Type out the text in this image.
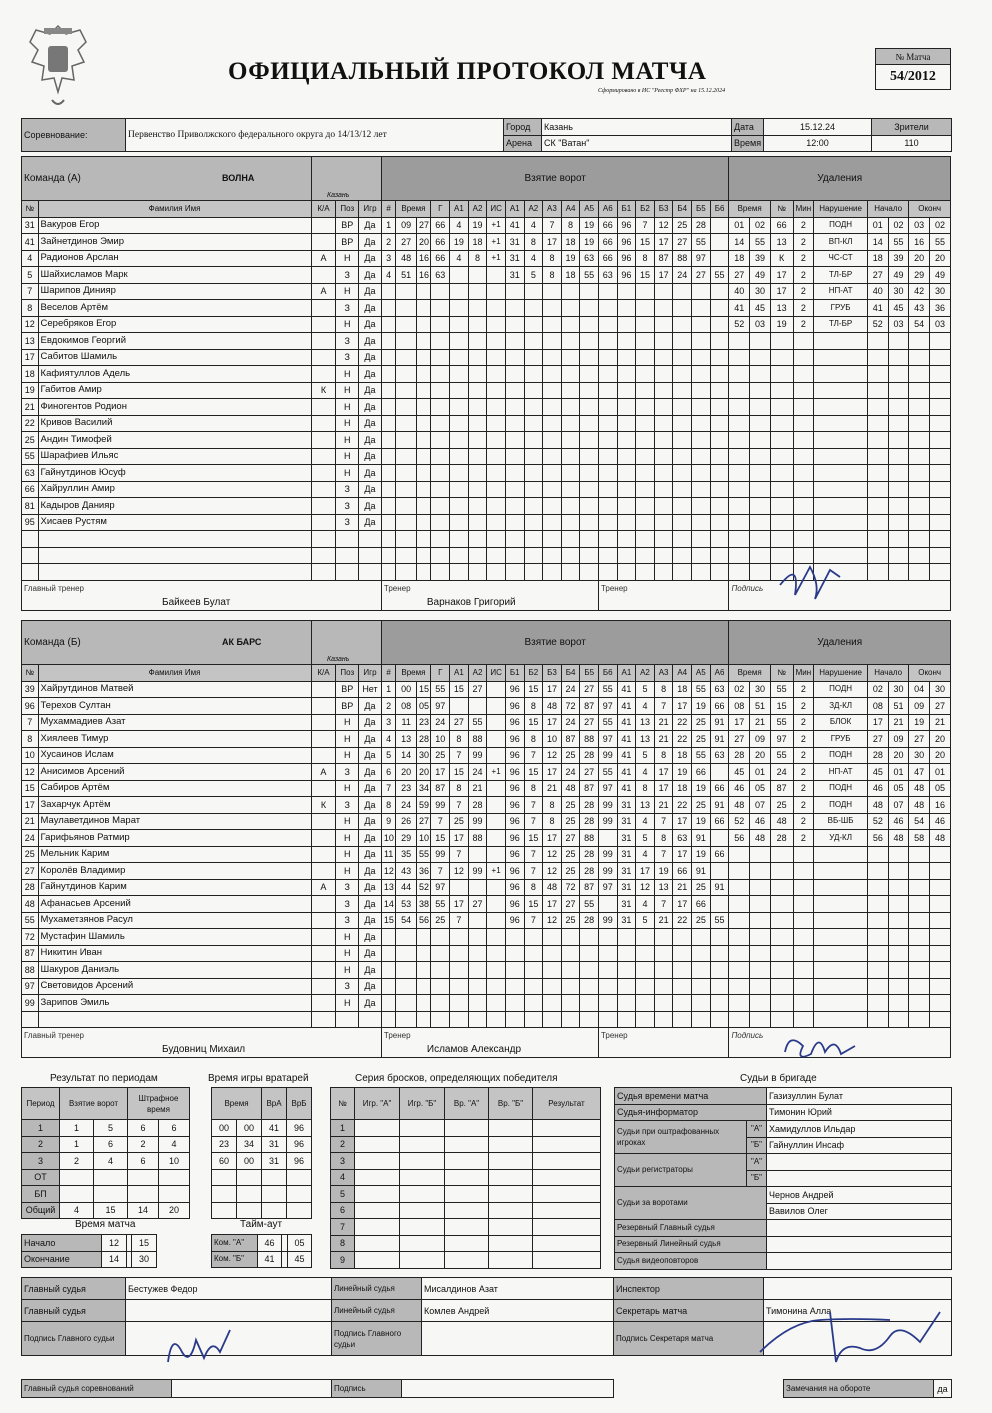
ОФИЦИАЛЬНЫЙ ПРОТОКОЛ МАТЧА
Сформировано в ИС "Реестр ФХР" на 15.12.2024
№ Матча
54/2012
Соревнование:	Первенство Приволжского федерального округа до 14/13/12 лет	Город	Казань	Дата	15.12.24	Зрители
		Арена	СК "Ватан"	Время	12:00	110
Команда (А) ВОЛНА
Казань					Взятие ворот																			Удаления								
№	Фамилия Имя	К/А	Поз	Игр	#	Время		Г	А1	А2	ИС	А1	А2	А3	А4	А5	А6	Б1	Б2	Б3	Б4	Б5	Б6	Время		№	Мин	Нарушение	Начало		Оконч	
31	Вакуров Егор		ВР	Да	1	09	27	66	4	19	+1	41	4	7	8	19	66	96	7	12	25	28		01	02	66	2	ПОДН	01	02	03	02
41	Зайнетдинов Эмир		ВР	Да	2	27	20	66	19	18	+1	31	8	17	18	19	66	96	15	17	27	55		14	55	13	2	ВП-КЛ	14	55	16	55
4	Радионов Арслан	А	Н	Да	3	48	16	66	4	8	+1	31	4	8	19	63	66	96	8	87	88	97		18	39	К	2	ЧС-СТ	18	39	20	20
5	Шайхисламов Марк		З	Да	4	51	16	63				31	5	8	18	55	63	96	15	17	24	27	55	27	49	17	2	ТЛ-БР	27	49	29	49
7	Шарипов Динияр	А	Н	Да																				40	30	17	2	НП-АТ	40	30	42	30
8	Веселов Артём		З	Да																				41	45	13	2	ГРУБ	41	45	43	36
12	Серебряков Егор		Н	Да																				52	03	19	2	ТЛ-БР	52	03	54	03
13	Евдокимов Георгий		З	Да																												
17	Сабитов Шамиль		З	Да																												
18	Кафиятуллов Адель		Н	Да																												
19	Габитов Амир	К	Н	Да																												
21	Финогентов Родион		Н	Да																												
22	Кривов Василий		Н	Да																												
25	Андин Тимофей		Н	Да																												
55	Шарафиев Ильяс		Н	Да																												
63	Гайнутдинов Юсуф		Н	Да																												
66	Хайруллин Амир		З	Да																												
81	Кадыров Данияр		З	Да																												
95	Хисаев Рустям		З	Да																												

Главный тренер
Байкеев Булат					Тренер
Варнаков Григорий												Тренер							Подпись								
Команда (Б) АК БАРС
Казань					Взятие ворот																			Удаления								
№	Фамилия Имя	К/А	Поз	Игр	#	Время		Г	А1	А2	ИС	Б1	Б2	Б3	Б4	Б5	Б6	А1	А2	А3	А4	А5	А6	Время		№	Мин	Нарушение	Начало		Оконч	
39	Хайрутдинов Матвей		ВР	Нет	1	00	15	55	15	27		96	15	17	24	27	55	41	5	8	18	55	63	02	30	55	2	ПОДН	02	30	04	30
96	Терехов Султан		ВР	Да	2	08	05	97				96	8	48	72	87	97	41	4	7	17	19	66	08	51	15	2	ЗД-КЛ	08	51	09	27
7	Мухаммадиев Азат		Н	Да	3	11	23	24	27	55		96	15	17	24	27	55	41	13	21	22	25	91	17	21	55	2	БЛОК	17	21	19	21
8	Хиялеев Тимур		Н	Да	4	13	28	10	8	88		96	8	10	87	88	97	41	13	21	22	25	91	27	09	97	2	ГРУБ	27	09	27	20
10	Хусаинов Ислам		Н	Да	5	14	30	25	7	99		96	7	12	25	28	99	41	5	8	18	55	63	28	20	55	2	ПОДН	28	20	30	20
12	Анисимов Арсений	А	З	Да	6	20	20	17	15	24	+1	96	15	17	24	27	55	41	4	17	19	66		45	01	24	2	НП-АТ	45	01	47	01
15	Сабиров Артём		Н	Да	7	23	34	87	8	21		96	8	21	48	87	97	41	8	17	18	19	66	46	05	87	2	ПОДН	46	05	48	05
17	Захарчук Артём	К	З	Да	8	24	59	99	7	28		96	7	8	25	28	99	31	13	21	22	25	91	48	07	25	2	ПОДН	48	07	48	16
21	Маулаветдинов Марат		Н	Да	9	26	27	7	25	99		96	7	8	25	28	99	31	4	7	17	19	66	52	46	48	2	ВБ-ШБ	52	46	54	46
24	Гарифьянов Ратмир		Н	Да	10	29	10	15	17	88		96	15	17	27	88		31	5	8	63	91		56	48	28	2	УД-КЛ	56	48	58	48
25	Мельник Карим		Н	Да	11	35	55	99	7			96	7	12	25	28	99	31	4	7	17	19	66									
27	Королёв Владимир		Н	Да	12	43	36	7	12	99	+1	96	7	12	25	28	99	31	17	19	66	91										
28	Гайнутдинов Карим	А	З	Да	13	44	52	97				96	8	48	72	87	97	31	12	13	21	25	91									
48	Афанасьев Арсений		З	Да	14	53	38	55	17	27		96	15	17	27	55		31	4	7	17	66										
55	Мухаметзянов Расул		З	Да	15	54	56	25	7			96	7	12	25	28	99	31	5	21	22	25	55									
72	Мустафин Шамиль		Н	Да																												
87	Никитин Иван		Н	Да																												
88	Шакуров Даниэль		Н	Да																												
97	Световидов Арсений		З	Да																												
99	Зарипов Эмиль		Н	Да																												

Главный тренер
Будовниц Михаил					Тренер
Исламов Александр												Тренер							Подпись								
Результат по периодам
Период	Взятие ворот		Штрафное время	
1	1	5	6	6
2	1	6	2	4
3	2	4	6	10
ОТ				
БП				
Общий	4	15	14	20
Время игры вратарей
Время		ВрА	ВрБ
00	00	41	96
23	34	31	96
60	00	31	96

Серия бросков, определяющих победителя
№	Игр. "А"	Игр. "Б"	Вр. "А"	Вр. "Б"	Результат
1					
2					
3					
4					
5					
6					
7					
8					
9					
Время матча
Начало	12		15	
Окончание	14		30	
Тайм-аут
Ком. "А"	46		05
Ком. "Б"	41		45
Судьи в бригаде
Судья времени матча		Газизуллин Булат
Судья-информатор		Тимонин Юрий
Судьи при оштрафованных игроках	"А"	Хамидуллов Ильдар
	"Б"	Гайнуллин Инсаф
Судьи регистраторы	"А"	
	"Б"	
Судьи за воротами		Чернов Андрей
		Вавилов Олег
Резервный Главный судья		
Резервный Линейный судья		
Судья видеоповторов		
Главный судья	Бестужев Федор	Линейный судья	Мисалдинов Азат	Инспектор	
Главный судья		Линейный судья	Комлев Андрей	Секретарь матча	Тимонина Алла
Подпись Главного судьи		Подпись Главного судьи		Подпись Секретаря матча	
Главный судья соревнований		Подпись			Замечания на обороте	да
